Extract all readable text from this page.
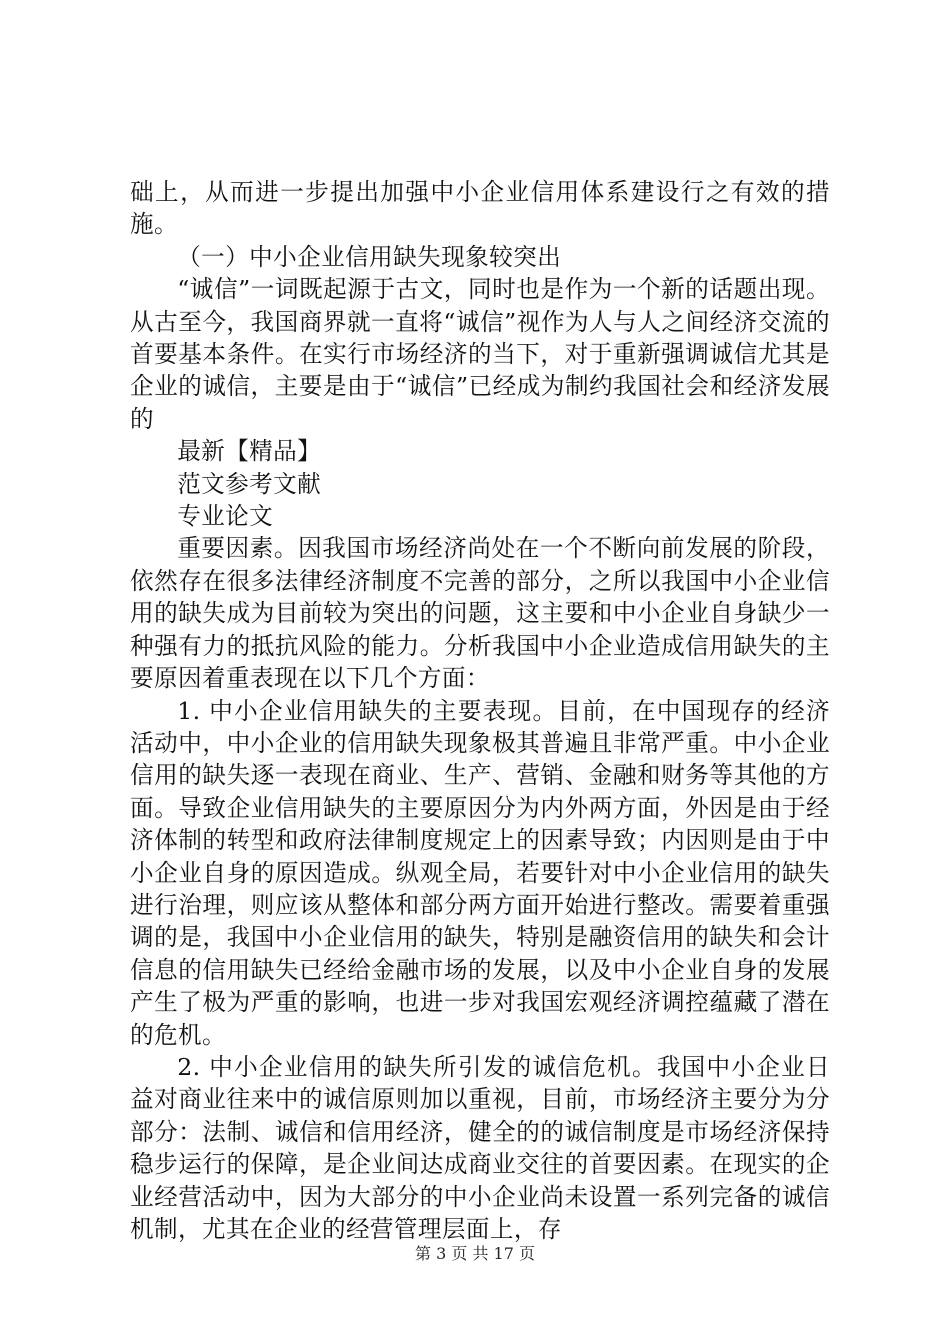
础上，从而进一步提出加强中小企业信用体系建设行之有效的措施。

（一）中小企业信用缺失现象较突出

“诚信”一词既起源于古文，同时也是作为一个新的话题出现。从古至今，我国商界就一直将“诚信”视作为人与人之间经济交流的首要基本条件。在实行市场经济的当下，对于重新强调诚信尤其是企业的诚信，主要是由于“诚信”已经成为制约我国社会和经济发展的

最新【精品】

范文参考文献

专业论文

重要因素。因我国市场经济尚处在一个不断向前发展的阶段，依然存在很多法律经济制度不完善的部分，之所以我国中小企业信用的缺失成为目前较为突出的问题，这主要和中小企业自身缺少一种强有力的抵抗风险的能力。分析我国中小企业造成信用缺失的主要原因着重表现在以下几个方面：

1. 中小企业信用缺失的主要表现。目前，在中国现存的经济活动中，中小企业的信用缺失现象极其普遍且非常严重。中小企业信用的缺失逐一表现在商业、生产、营销、金融和财务等其他的方面。导致企业信用缺失的主要原因分为内外两方面，外因是由于经济体制的转型和政府法律制度规定上的因素导致；内因则是由于中小企业自身的原因造成。纵观全局，若要针对中小企业信用的缺失进行治理，则应该从整体和部分两方面开始进行整改。需要着重强调的是，我国中小企业信用的缺失，特别是融资信用的缺失和会计信息的信用缺失已经给金融市场的发展，以及中小企业自身的发展产生了极为严重的影响，也进一步对我国宏观经济调控蕴藏了潜在的危机。

2. 中小企业信用的缺失所引发的诚信危机。我国中小企业日益对商业往来中的诚信原则加以重视，目前，市场经济主要分为分部分：法制、诚信和信用经济，健全的的诚信制度是市场经济保持稳步运行的保障，是企业间达成商业交往的首要因素。在现实的企业经营活动中，因为大部分的中小企业尚未设置一系列完备的诚信机制，尤其在企业的经营管理层面上，存

第 3 页 共 17 页
